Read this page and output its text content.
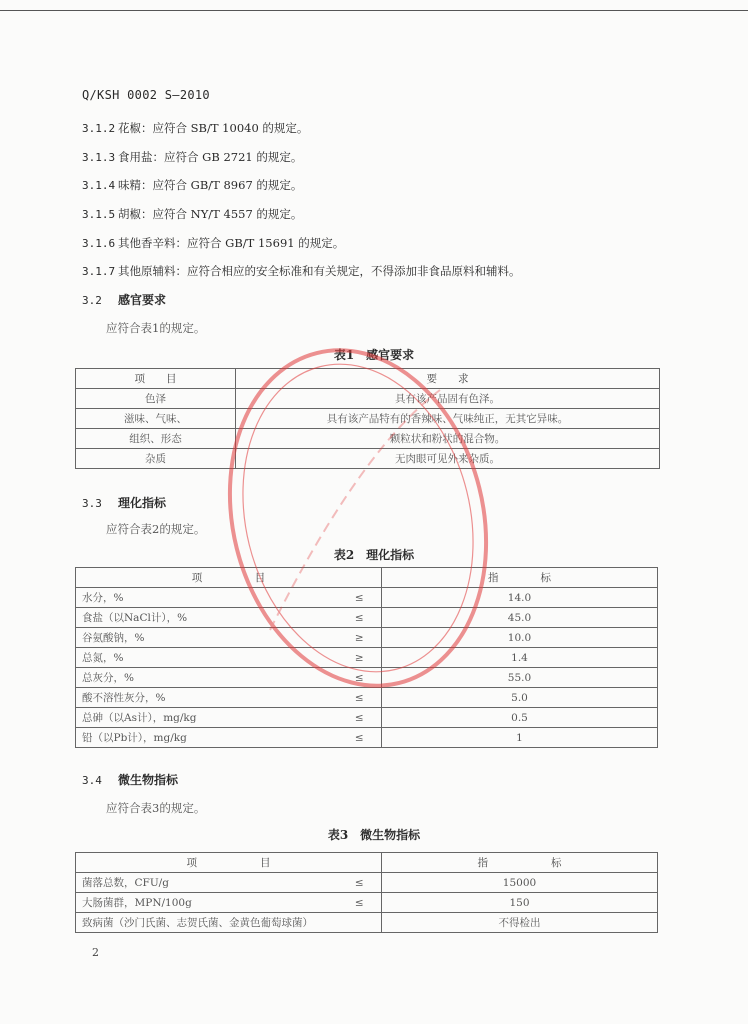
Q/KSH 0002 S—2010
3.1.2 花椒：应符合 SB/T 10040 的规定。
3.1.3 食用盐：应符合 GB 2721 的规定。
3.1.4 味精：应符合 GB/T 8967 的规定。
3.1.5 胡椒：应符合 NY/T 4557 的规定。
3.1.6 其他香辛料：应符合 GB/T 15691 的规定。
3.1.7 其他原辅料：应符合相应的安全标准和有关规定，不得添加非食品原料和辅料。
3.2 感官要求
应符合表1的规定。
表1　感官要求
项　　目	要　　求
色泽	具有该产品固有色泽。
滋味、气味、	具有该产品特有的香辣味、气味纯正，无其它异味。
组织、形态	颗粒状和粉状的混合物。
杂质	无肉眼可见外来杂质。
3.3 理化指标
应符合表2的规定。
表2　理化指标
项　　　　　目		指　　　　标
水分，%	≤	14.0
食盐（以NaCl计），%	≤	45.0
谷氨酸钠，%	≥	10.0
总氮，%	≥	1.4
总灰分，%	≤	55.0
酸不溶性灰分，%	≤	5.0
总砷（以As计），mg/kg	≤	0.5
铅（以Pb计），mg/kg	≤	1
3.4 微生物指标
应符合表3的规定。
表3　微生物指标
项　　　　　　目		指　　　　　　标
菌落总数，CFU/g	≤	15000
大肠菌群，MPN/100g	≤	150
致病菌（沙门氏菌、志贺氏菌、金黄色葡萄球菌）		不得检出
2
